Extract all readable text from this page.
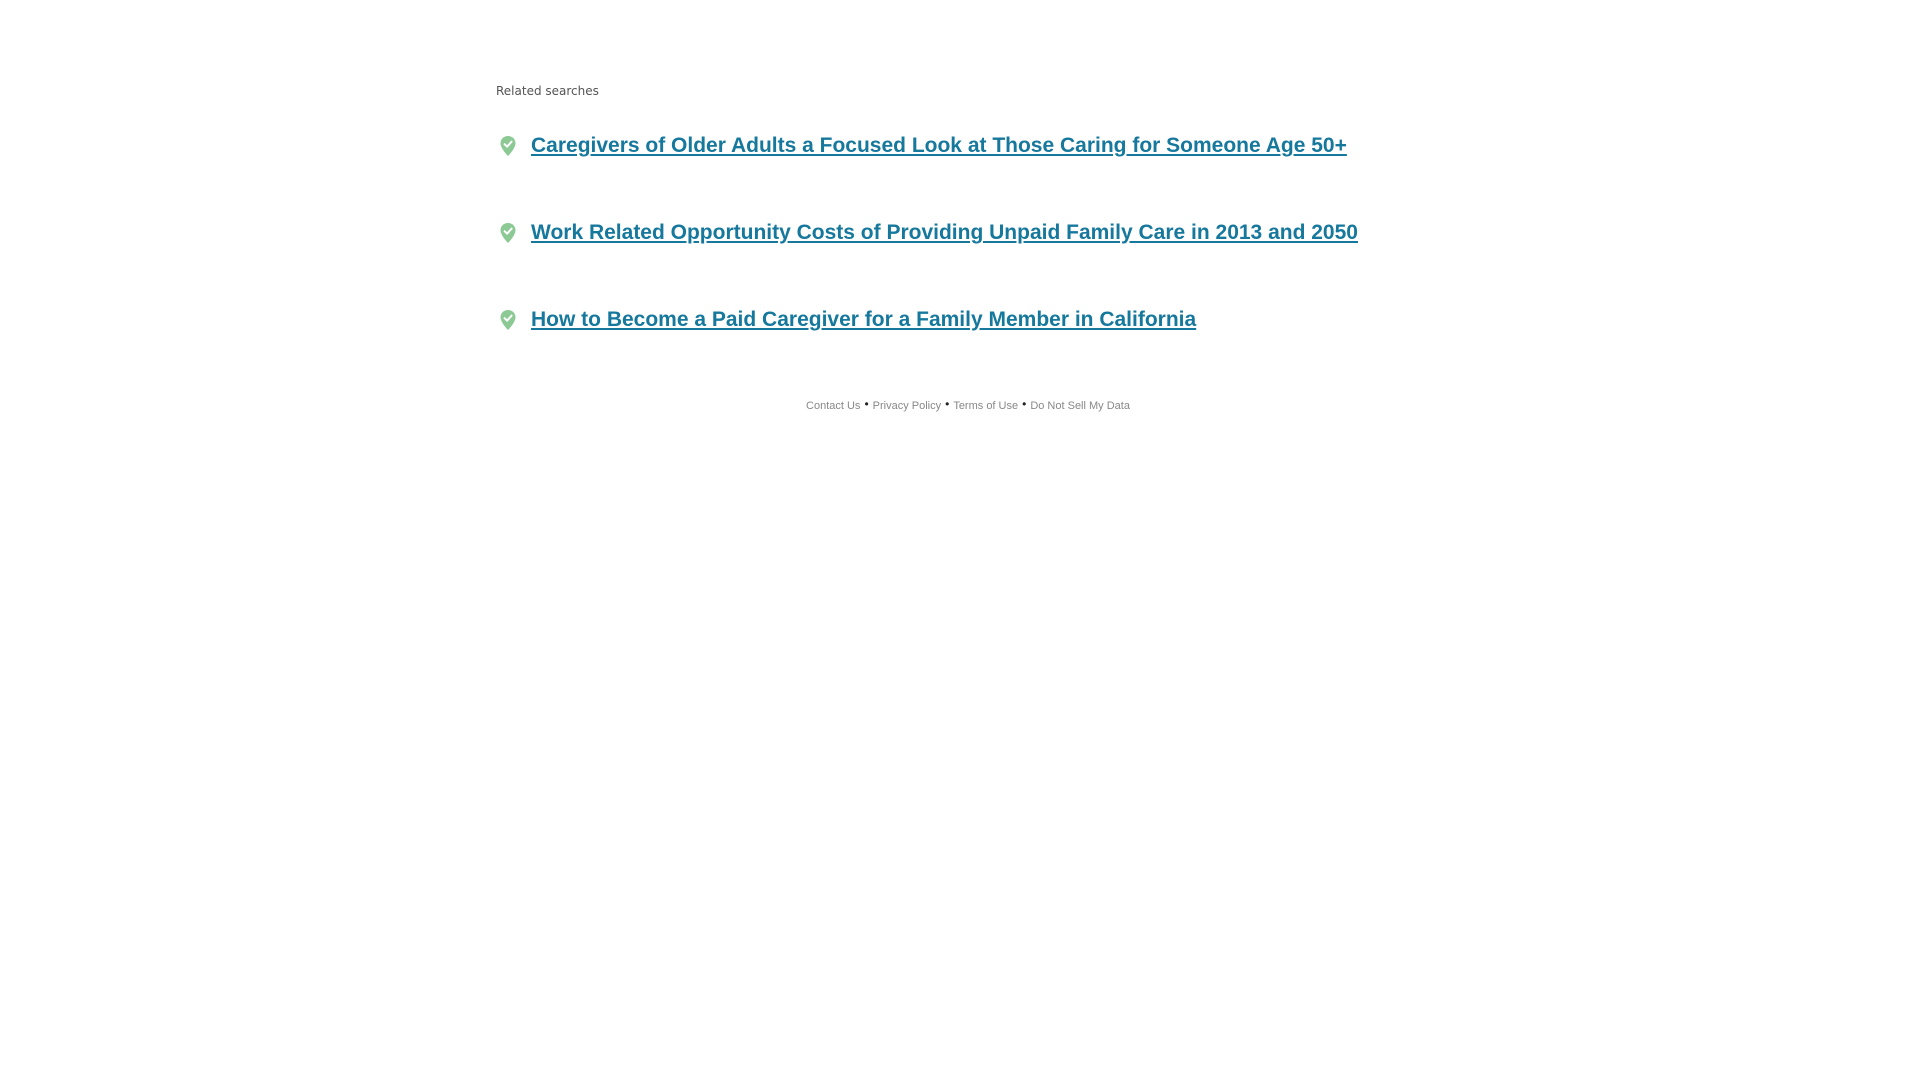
Related searches
Caregivers of Older Adults a Focused Look at Those Caring for Someone Age 50+
Work Related Opportunity Costs of Providing Unpaid Family Care in 2013 and 2050
How to Become a Paid Caregiver for a Family Member in California
Contact Us • Privacy Policy • Terms of Use • Do Not Sell My Data
